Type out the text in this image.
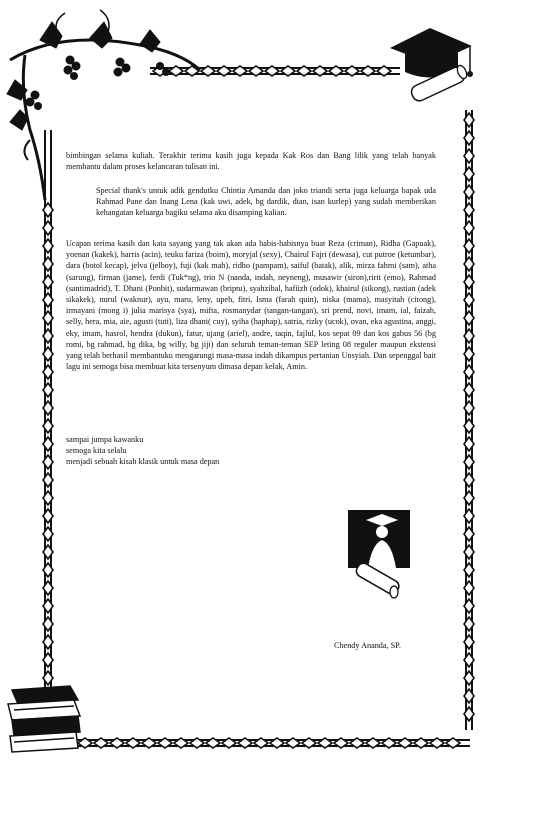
bimbingan selama kuliah. Terakhir terima kasih juga kepada Kak Ros dan Bang lilik yang telah banyak membantu dalam proses kelancaran tulisan ini.
Special thank's untuk adik gendutku Chintia Amanda dan joko triandi serta juga keluarga bapak uda Rahmad Pane dan Inang Lena (kak uwi, adek, bg dardik, dian, isan kurlep) yang sudah memberikan kehangatan keluarga bagiku selama aku disamping kalian.
Ucapan terima kasih dan kata sayang yang tak akan ada habis-habisnya buat Reza (criman), Ridha (Gapuak), yoenan (kakek), harris (acin), teuku fariza (boim), moryjal (sexy), Chairul Fajri (dewasa), cut putroe (ketumbar), dara (botol kecap), jelva (jelboy), fuji (kak mah), ridho (pampam), saiful (batak), alik, mirza fahmi (sam), atha (sarung), firman (jame), ferdi (Tuk*ng), trio N (nanda, indah, neyneng), musawir (siron),ririt (emo), Rahmad (santimadrid), T. Dhani (Ponbit), sudarmawan (briptu), syahzibal, hafiizh (odok), khairul (sikong), rustian (adek sikakek), nurul (waknur), ayu, maru, leny, upeh, fitri, Isma (farah quin), niska (mama), masyitah (citong), irmayani (mong i) julia marisya (sya), mifta, rosmanydar (tangan-tangan), sri prend, novi, imam, ial, faizah, selly, hera, mia, aie, agusti (tuti), liza dhani( cuy), syiha (haphap), satria, rizky (ucok), ovan, eka agustina, anggi, eky, imam, hasrol, hendra (dukun), fatur, ujang (ariel), andre, taqin, fajlul, kos sepat 09 dan kos gabus 56 (bg romi, bg rahmad, bg dika, bg willy, bg jiji) dan seluruh teman-teman SEP leting 08 reguler maupun ekstensi yang telah berhasil membantuku mengarungi masa-masa indah dikampus pertanian Unsyiah. Dan sepenggal bait lagu ini semoga bisa membuat kita tersenyum dimasa depan kelak, Amin.
sampai jumpa kawanku
semoga kita selalu
menjadi sebuah kisah klasik untuk masa depan
Chendy Ananda, SP.
